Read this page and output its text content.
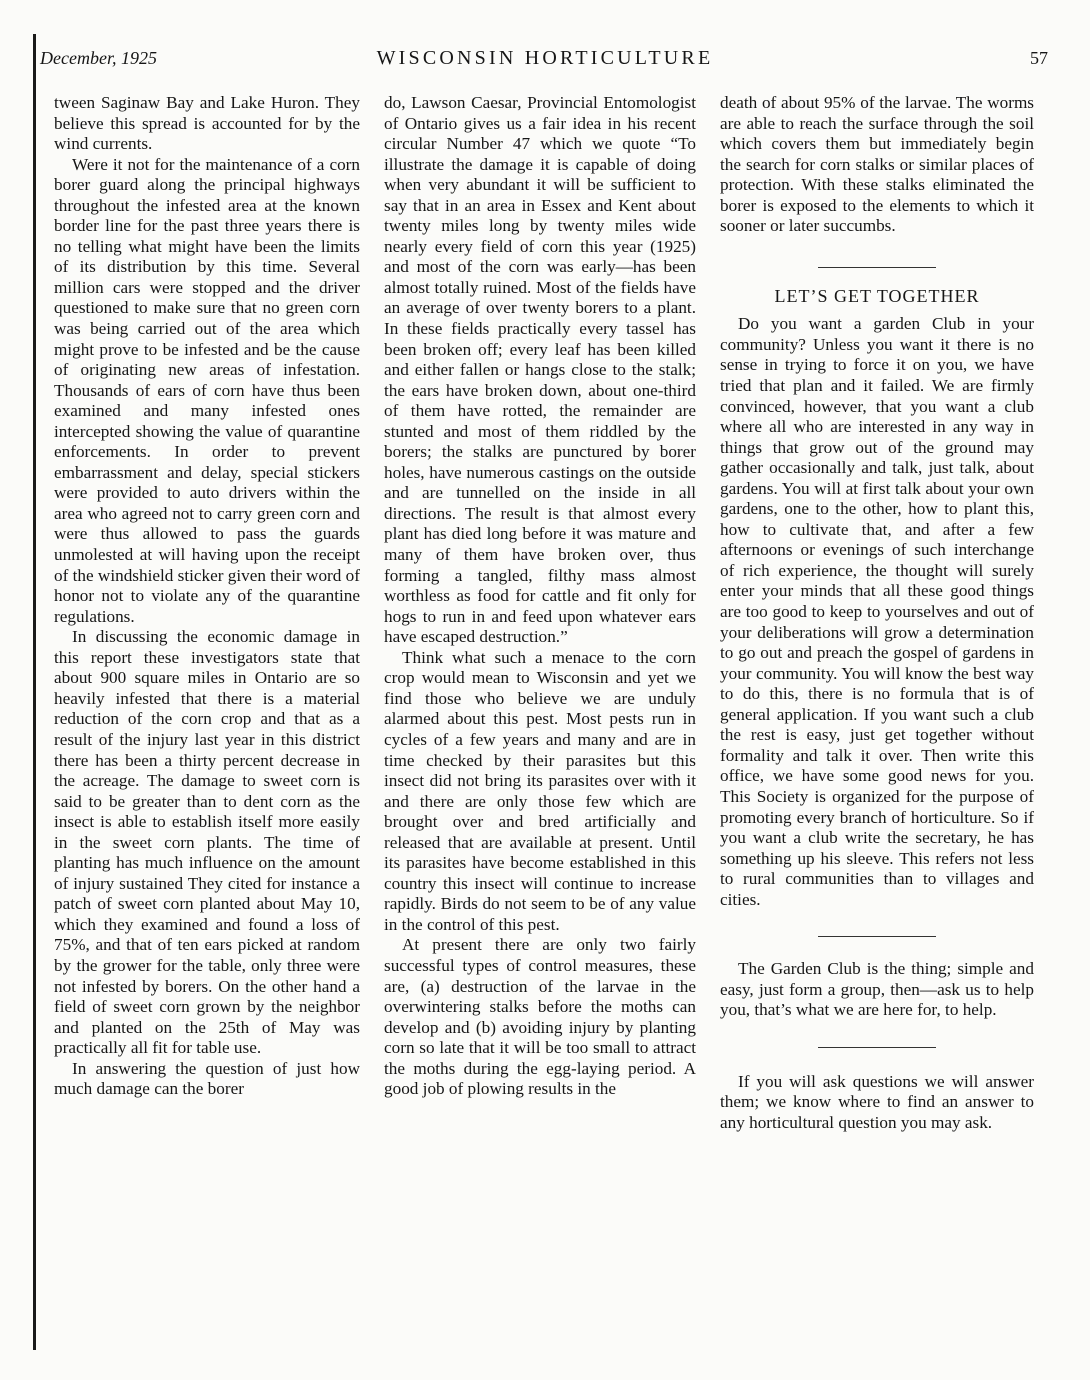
December, 1925	WISCONSIN HORTICULTURE	57

tween Saginaw Bay and Lake Huron. They believe this spread is accounted for by the wind currents.

Were it not for the maintenance of a corn borer guard along the principal highways throughout the infested area at the known border line for the past three years there is no telling what might have been the limits of its distribution by this time. Several million cars were stopped and the driver questioned to make sure that no green corn was being carried out of the area which might prove to be infested and be the cause of originating new areas of infestation. Thousands of ears of corn have thus been examined and many infested ones intercepted showing the value of quarantine enforcements. In order to prevent embarrassment and delay, special stickers were provided to auto drivers within the area who agreed not to carry green corn and were thus allowed to pass the guards unmolested at will having upon the receipt of the windshield sticker given their word of honor not to violate any of the quarantine regulations.

In discussing the economic damage in this report these investigators state that about 900 square miles in Ontario are so heavily infested that there is a material reduction of the corn crop and that as a result of the injury last year in this district there has been a thirty percent decrease in the acreage. The damage to sweet corn is said to be greater than to dent corn as the insect is able to establish itself more easily in the sweet corn plants. The time of planting has much influence on the amount of injury sustained They cited for instance a patch of sweet corn planted about May 10, which they examined and found a loss of 75%, and that of ten ears picked at random by the grower for the table, only three were not infested by borers. On the other hand a field of sweet corn grown by the neighbor and planted on the 25th of May was practically all fit for table use.

In answering the question of just how much damage can the borer

do, Lawson Caesar, Provincial Entomologist of Ontario gives us a fair idea in his recent circular Number 47 which we quote “To illustrate the damage it is capable of doing when very abundant it will be sufficient to say that in an area in Essex and Kent about twenty miles long by twenty miles wide nearly every field of corn this year (1925) and most of the corn was early—has been almost totally ruined. Most of the fields have an average of over twenty borers to a plant. In these fields practically every tassel has been broken off; every leaf has been killed and either fallen or hangs close to the stalk; the ears have broken down, about one-third of them have rotted, the remainder are stunted and most of them riddled by the borers; the stalks are punctured by borer holes, have numerous castings on the outside and are tunnelled on the inside in all directions. The result is that almost every plant has died long before it was mature and many of them have broken over, thus forming a tangled, filthy mass almost worthless as food for cattle and fit only for hogs to run in and feed upon whatever ears have escaped destruction.”

Think what such a menace to the corn crop would mean to Wisconsin and yet we find those who believe we are unduly alarmed about this pest. Most pests run in cycles of a few years and many and are in time checked by their parasites but this insect did not bring its parasites over with it and there are only those few which are brought over and bred artificially and released that are available at present. Until its parasites have become established in this country this insect will continue to increase rapidly. Birds do not seem to be of any value in the control of this pest.

At present there are only two fairly successful types of control measures, these are, (a) destruction of the larvae in the overwintering stalks before the moths can develop and (b) avoiding injury by planting corn so late that it will be too small to attract the moths during the egg-laying period. A good job of plowing results in the

death of about 95% of the larvae. The worms are able to reach the surface through the soil which covers them but immediately begin the search for corn stalks or similar places of protection. With these stalks eliminated the borer is exposed to the elements to which it sooner or later succumbs.

LET’S GET TOGETHER

Do you want a garden Club in your community? Unless you want it there is no sense in trying to force it on you, we have tried that plan and it failed. We are firmly convinced, however, that you want a club where all who are interested in any way in things that grow out of the ground may gather occasionally and talk, just talk, about gardens. You will at first talk about your own gardens, one to the other, how to plant this, how to cultivate that, and after a few afternoons or evenings of such interchange of rich experience, the thought will surely enter your minds that all these good things are too good to keep to yourselves and out of your deliberations will grow a determination to go out and preach the gospel of gardens in your community. You will know the best way to do this, there is no formula that is of general application. If you want such a club the rest is easy, just get together without formality and talk it over. Then write this office, we have some good news for you. This Society is organized for the purpose of promoting every branch of horticulture. So if you want a club write the secretary, he has something up his sleeve. This refers not less to rural communities than to villages and cities.

The Garden Club is the thing; simple and easy, just form a group, then—ask us to help you, that’s what we are here for, to help.

If you will ask questions we will answer them; we know where to find an answer to any horticultural question you may ask.
